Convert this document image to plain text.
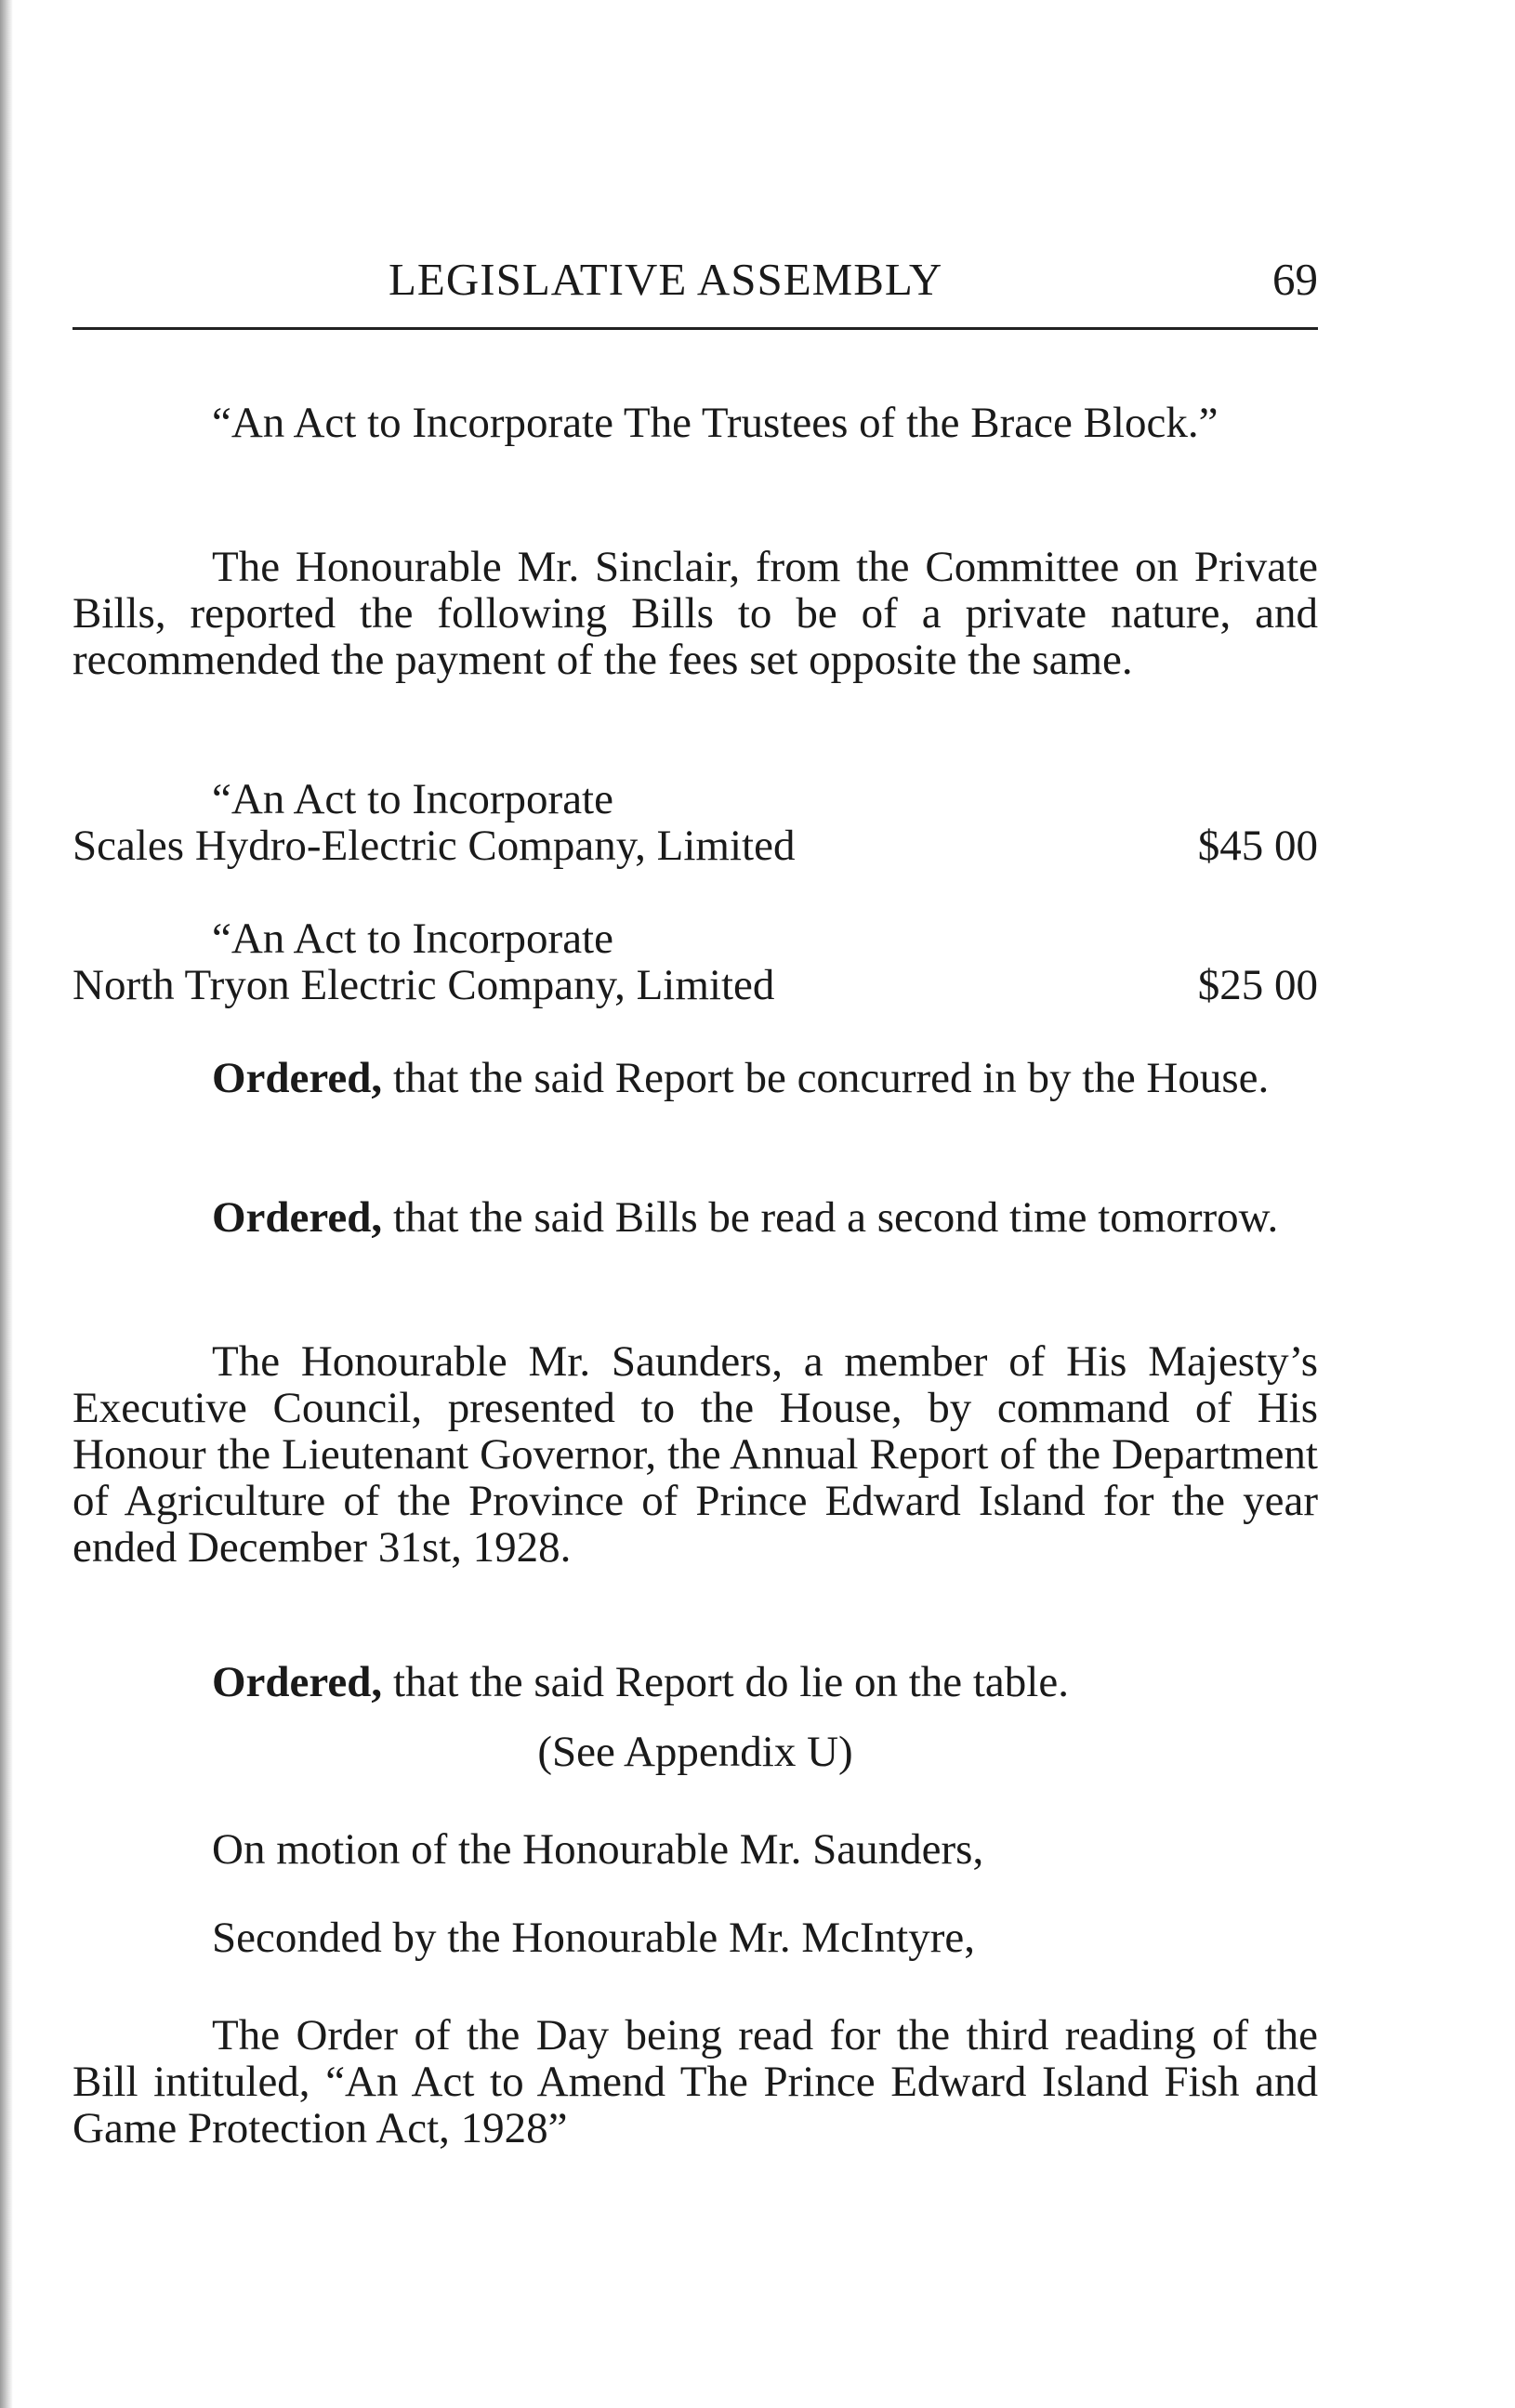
LEGISLATIVE ASSEMBLY	69

“An Act to Incorporate The Trustees of the Brace Block.”

The Honourable Mr. Sinclair, from the Committee on Private Bills, reported the following Bills to be of a private nature, and recommended the payment of the fees set opposite the same.

“An Act to Incorporate
Scales Hydro-Electric Company, Limited	$45 00
“An Act to Incorporate
North Tryon Electric Company, Limited	$25 00

Ordered, that the said Report be concurred in by the House.

Ordered, that the said Bills be read a second time tomorrow.

The Honourable Mr. Saunders, a member of His Majesty’s Executive Council, presented to the House, by command of His Honour the Lieutenant Governor, the Annual Report of the Department of Agriculture of the Province of Prince Edward Island for the year ended December 31st, 1928.

Ordered, that the said Report do lie on the table.

(See Appendix U)

On motion of the Honourable Mr. Saunders,

Seconded by the Honourable Mr. McIntyre,

The Order of the Day being read for the third reading of the Bill intituled, “An Act to Amend The Prince Edward Island Fish and Game Protection Act, 1928”
